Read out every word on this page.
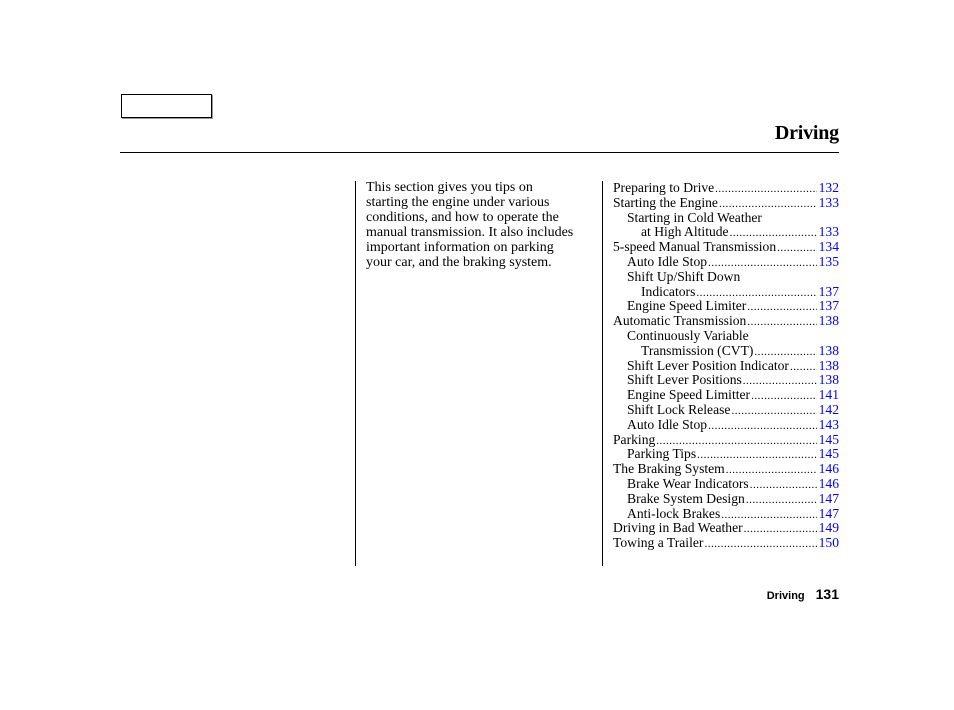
Driving

This section gives you tips on

starting the engine under various

conditions, and how to operate the

manual transmission. It also includes

important information on parking

your car, and the braking system.

Preparing to Drive .....	132
Starting the Engine .....	133
Starting in Cold Weather
at High Altitude .....	133
5-speed Manual Transmission .....	134
Auto Idle Stop .....	135
Shift Up/Shift Down
Indicators .....	137
Engine Speed Limiter .....	137
Automatic Transmission .....	138
Continuously Variable
Transmission (CVT) .....	138
Shift Lever Position Indicator ..... 138
Shift Lever Positions .....	138
Engine Speed Limitter .....	141
Shift Lock Release .....	142
Auto Idle Stop .....	143
Parking .....	145
Parking Tips .....	145
The Braking System .....	146
Brake Wear Indicators .....	146
Brake System Design .....	147
Anti-lock Brakes .....	147
Driving in Bad Weather .....	149
Towing a Trailer .....	150
Driving 131
